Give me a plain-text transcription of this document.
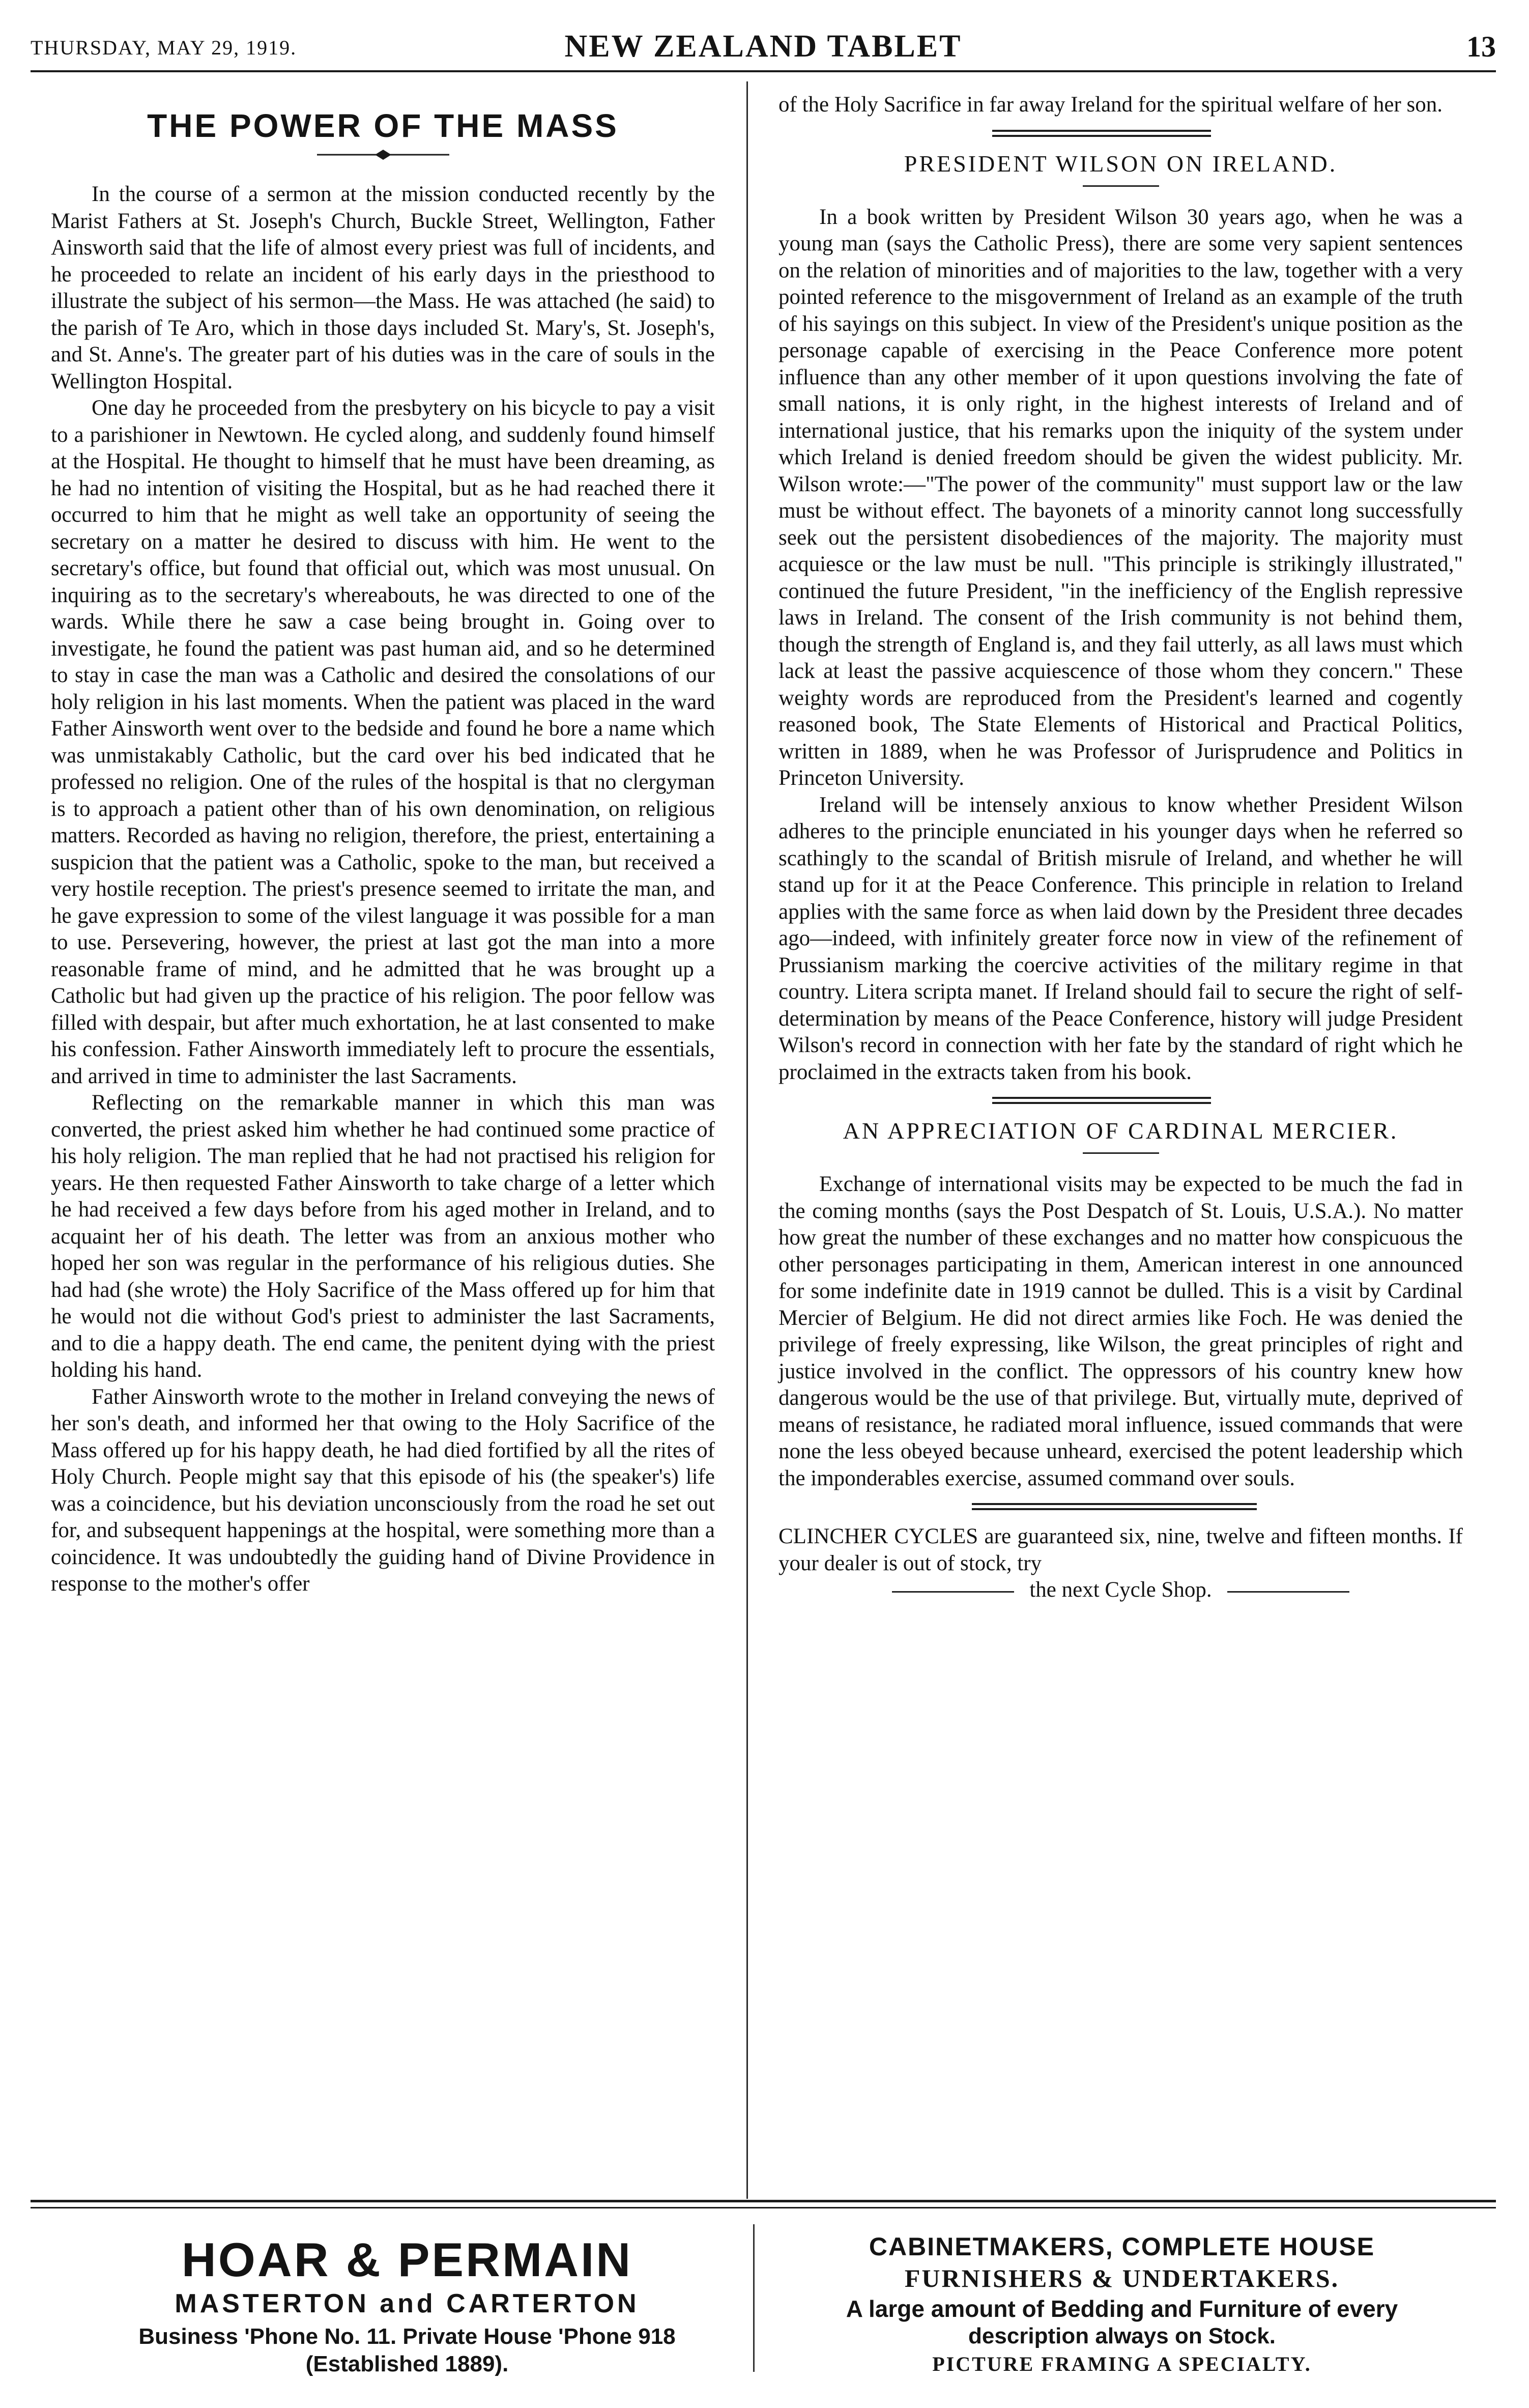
THURSDAY, MAY 29, 1919.	NEW ZEALAND TABLET	13
THE POWER OF THE MASS

In the course of a sermon at the mission conducted recently by the Marist Fathers at St. Joseph's Church, Buckle Street, Wellington, Father Ainsworth said that the life of almost every priest was full of incidents, and he proceeded to relate an incident of his early days in the priesthood to illustrate the subject of his sermon—the Mass. He was attached (he said) to the parish of Te Aro, which in those days included St. Mary's, St. Joseph's, and St. Anne's. The greater part of his duties was in the care of souls in the Wellington Hospital.

One day he proceeded from the presbytery on his bicycle to pay a visit to a parishioner in Newtown. He cycled along, and suddenly found himself at the Hospital. He thought to himself that he must have been dreaming, as he had no intention of visiting the Hospital, but as he had reached there it occurred to him that he might as well take an opportunity of seeing the secretary on a matter he desired to discuss with him. He went to the secretary's office, but found that official out, which was most unusual. On inquiring as to the secretary's whereabouts, he was directed to one of the wards. While there he saw a case being brought in. Going over to investigate, he found the patient was past human aid, and so he determined to stay in case the man was a Catholic and desired the consolations of our holy religion in his last moments. When the patient was placed in the ward Father Ainsworth went over to the bedside and found he bore a name which was unmistakably Catholic, but the card over his bed indicated that he professed no religion. One of the rules of the hospital is that no clergyman is to approach a patient other than of his own denomination, on religious matters. Recorded as having no religion, therefore, the priest, entertaining a suspicion that the patient was a Catholic, spoke to the man, but received a very hostile reception. The priest's presence seemed to irritate the man, and he gave expression to some of the vilest language it was possible for a man to use. Persevering, however, the priest at last got the man into a more reasonable frame of mind, and he admitted that he was brought up a Catholic but had given up the practice of his religion. The poor fellow was filled with despair, but after much exhortation, he at last consented to make his confession. Father Ainsworth immediately left to procure the essentials, and arrived in time to administer the last Sacraments.

Reflecting on the remarkable manner in which this man was converted, the priest asked him whether he had continued some practice of his holy religion. The man replied that he had not practised his religion for years. He then requested Father Ainsworth to take charge of a letter which he had received a few days before from his aged mother in Ireland, and to acquaint her of his death. The letter was from an anxious mother who hoped her son was regular in the performance of his religious duties. She had had (she wrote) the Holy Sacrifice of the Mass offered up for him that he would not die without God's priest to administer the last Sacraments, and to die a happy death. The end came, the penitent dying with the priest holding his hand.

Father Ainsworth wrote to the mother in Ireland conveying the news of her son's death, and informed her that owing to the Holy Sacrifice of the Mass offered up for his happy death, he had died fortified by all the rites of Holy Church. People might say that this episode of his (the speaker's) life was a coincidence, but his deviation unconsciously from the road he set out for, and subsequent happenings at the hospital, were something more than a coincidence. It was undoubtedly the guiding hand of Divine Providence in response to the mother's offer

of the Holy Sacrifice in far away Ireland for the spiritual welfare of her son.

PRESIDENT WILSON ON IRELAND.

In a book written by President Wilson 30 years ago, when he was a young man (says the Catholic Press), there are some very sapient sentences on the relation of minorities and of majorities to the law, together with a very pointed reference to the misgovernment of Ireland as an example of the truth of his sayings on this subject. In view of the President's unique position as the personage capable of exercising in the Peace Conference more potent influence than any other member of it upon questions involving the fate of small nations, it is only right, in the highest interests of Ireland and of international justice, that his remarks upon the iniquity of the system under which Ireland is denied freedom should be given the widest publicity. Mr. Wilson wrote:—"The power of the community" must support law or the law must be without effect. The bayonets of a minority cannot long successfully seek out the persistent disobediences of the majority. The majority must acquiesce or the law must be null. "This principle is strikingly illustrated," continued the future President, "in the inefficiency of the English repressive laws in Ireland. The consent of the Irish community is not behind them, though the strength of England is, and they fail utterly, as all laws must which lack at least the passive acquiescence of those whom they concern." These weighty words are reproduced from the President's learned and cogently reasoned book, The State Elements of Historical and Practical Politics, written in 1889, when he was Professor of Jurisprudence and Politics in Princeton University.

Ireland will be intensely anxious to know whether President Wilson adheres to the principle enunciated in his younger days when he referred so scathingly to the scandal of British misrule of Ireland, and whether he will stand up for it at the Peace Conference. This principle in relation to Ireland applies with the same force as when laid down by the President three decades ago—indeed, with infinitely greater force now in view of the refinement of Prussianism marking the coercive activities of the military regime in that country. Litera scripta manet. If Ireland should fail to secure the right of self-determination by means of the Peace Conference, history will judge President Wilson's record in connection with her fate by the standard of right which he proclaimed in the extracts taken from his book.

AN APPRECIATION OF CARDINAL MERCIER.

Exchange of international visits may be expected to be much the fad in the coming months (says the Post Despatch of St. Louis, U.S.A.). No matter how great the number of these exchanges and no matter how conspicuous the other personages participating in them, American interest in one announced for some indefinite date in 1919 cannot be dulled. This is a visit by Cardinal Mercier of Belgium. He did not direct armies like Foch. He was denied the privilege of freely expressing, like Wilson, the great principles of right and justice involved in the conflict. The oppressors of his country knew how dangerous would be the use of that privilege. But, virtually mute, deprived of means of resistance, he radiated moral influence, issued commands that were none the less obeyed because unheard, exercised the potent leadership which the imponderables exercise, assumed command over souls.

CLINCHER CYCLES are guaranteed six, nine, twelve and fifteen months. If your dealer is out of stock, try

the next Cycle Shop.
HOAR & PERMAIN
MASTERTON and CARTERTON
Business 'Phone No. 11. Private House 'Phone 918
(Established 1889).
CABINETMAKERS, COMPLETE HOUSE
FURNISHERS & UNDERTAKERS.
A large amount of Bedding and Furniture of every
description always on Stock.
PICTURE FRAMING A SPECIALTY.
